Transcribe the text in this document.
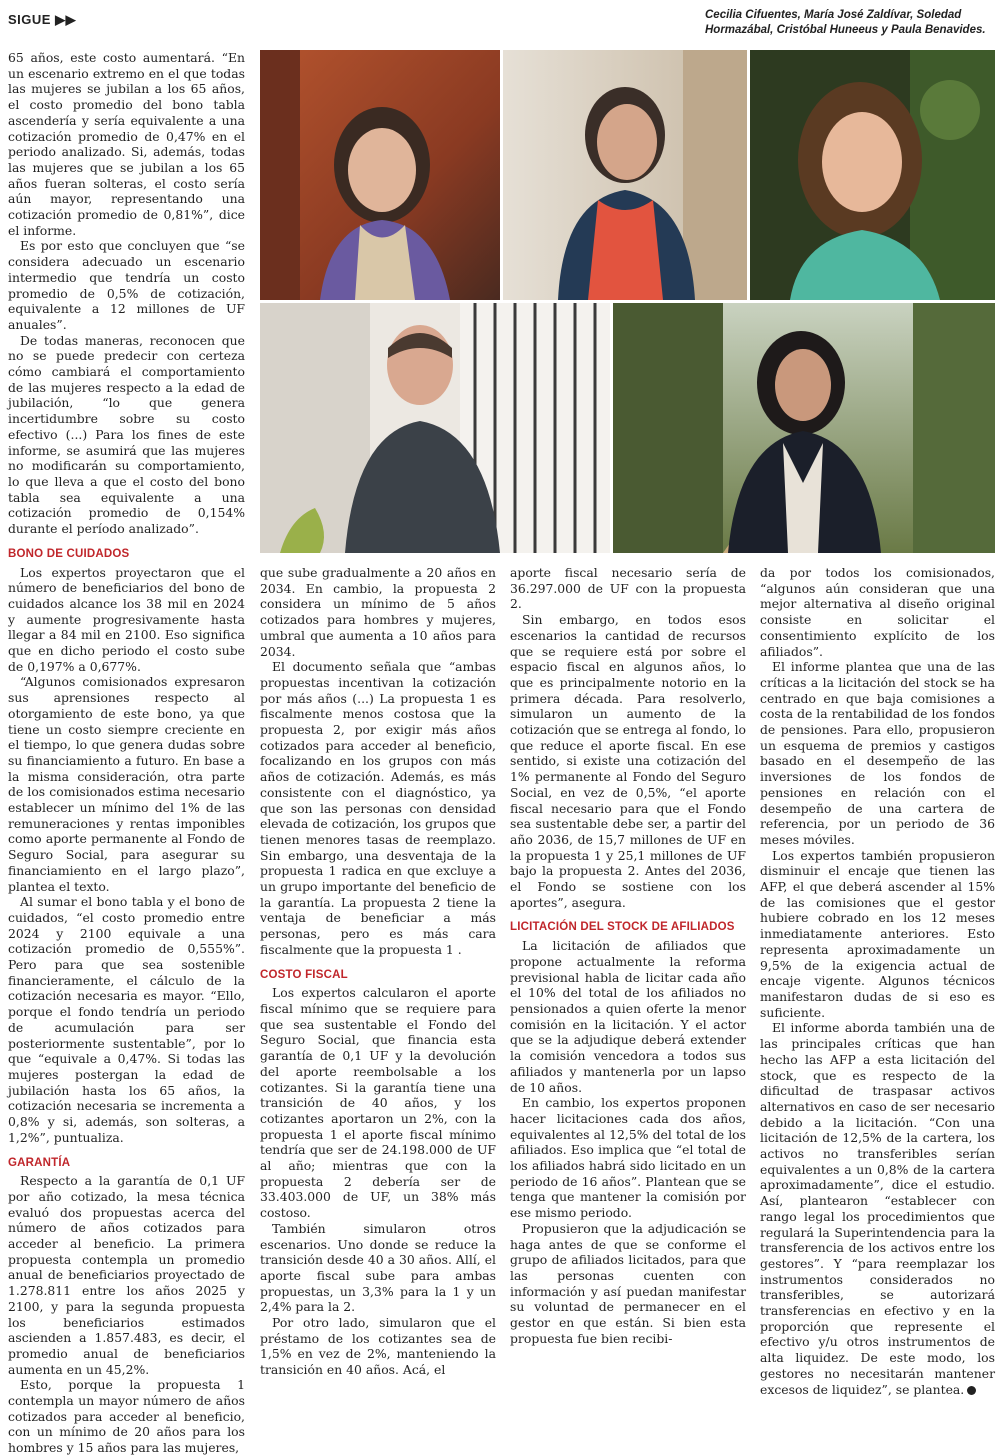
SIGUE ▶▶	Cecilia Cifuentes, María José Zaldívar, Soledad Hormazábal, Cristóbal Huneeus y Paula Benavides.

65 años, este costo aumentará. “En un escenario extremo en el que todas las mujeres se jubilan a los 65 años, el costo promedio del bono tabla ascendería y sería equivalente a una cotización promedio de 0,47% en el periodo analizado. Si, además, todas las mujeres que se jubilan a los 65 años fueran solteras, el costo sería aún mayor, representando una cotización promedio de 0,81%”, dice el informe.

Es por esto que concluyen que “se considera adecuado un escenario intermedio que tendría un costo promedio de 0,5% de cotización, equivalente a 12 millones de UF anuales”.

De todas maneras, reconocen que no se puede predecir con certeza cómo cambiará el comportamiento de las mujeres respecto a la edad de jubilación, “lo que genera incertidumbre sobre su costo efectivo (...) Para los fines de este informe, se asumirá que las mujeres no modificarán su comportamiento, lo que lleva a que el costo del bono tabla sea equivalente a una cotización promedio de 0,154% durante el período analizado”.

BONO DE CUIDADOS

Los expertos proyectaron que el número de beneficiarios del bono de cuidados alcance los 38 mil en 2024 y aumente progresivamente hasta llegar a 84 mil en 2100. Eso significa que en dicho periodo el costo sube de 0,197% a 0,677%.

“Algunos comisionados expresaron sus aprensiones respecto al otorgamiento de este bono, ya que tiene un costo siempre creciente en el tiempo, lo que genera dudas sobre su financiamiento a futuro. En base a la misma consideración, otra parte de los comisionados estima necesario establecer un mínimo del 1% de las remuneraciones y rentas imponibles como aporte permanente al Fondo de Seguro Social, para asegurar su financiamiento en el largo plazo”, plantea el texto.

Al sumar el bono tabla y el bono de cuidados, “el costo promedio entre 2024 y 2100 equivale a una cotización promedio de 0,555%”. Pero para que sea sostenible financieramente, el cálculo de la cotización necesaria es mayor. “Ello, porque el fondo tendría un periodo de acumulación para ser posteriormente sustentable”, por lo que “equivale a 0,47%. Si todas las mujeres postergan la edad de jubilación hasta los 65 años, la cotización necesaria se incrementa a 0,8% y si, además, son solteras, a 1,2%”, puntualiza.

GARANTÍA

Respecto a la garantía de 0,1 UF por año cotizado, la mesa técnica evaluó dos propuestas acerca del número de años cotizados para acceder al beneficio. La primera propuesta contempla un promedio anual de beneficiarios proyectado de 1.278.811 entre los años 2025 y 2100, y para la segunda propuesta los beneficiarios estimados ascienden a 1.857.483, es decir, el promedio anual de beneficiarios aumenta en un 45,2%.

Esto, porque la propuesta 1 contempla un mayor número de años cotizados para acceder al beneficio, con un mínimo de 20 años para los hombres y 15 años para las mujeres,

que sube gradualmente a 20 años en 2034. En cambio, la propuesta 2 considera un mínimo de 5 años cotizados para hombres y mujeres, umbral que aumenta a 10 años para 2034.

El documento señala que “ambas propuestas incentivan la cotización por más años (...) La propuesta 1 es fiscalmente menos costosa que la propuesta 2, por exigir más años cotizados para acceder al beneficio, focalizando en los grupos con más años de cotización. Además, es más consistente con el diagnóstico, ya que son las personas con densidad elevada de cotización, los grupos que tienen menores tasas de reemplazo. Sin embargo, una desventaja de la propuesta 1 radica en que excluye a un grupo importante del beneficio de la garantía. La propuesta 2 tiene la ventaja de beneficiar a más personas, pero es más cara fiscalmente que la propuesta 1 .

COSTO FISCAL

Los expertos calcularon el aporte fiscal mínimo que se requiere para que sea sustentable el Fondo del Seguro Social, que financia esta garantía de 0,1 UF y la devolución del aporte reembolsable a los cotizantes. Si la garantía tiene una transición de 40 años, y los cotizantes aportaron un 2%, con la propuesta 1 el aporte fiscal mínimo tendría que ser de 24.198.000 de UF al año; mientras que con la propuesta 2 debería ser de 33.403.000 de UF, un 38% más costoso.

También simularon otros escenarios. Uno donde se reduce la transición desde 40 a 30 años. Allí, el aporte fiscal sube para ambas propuestas, un 3,3% para la 1 y un 2,4% para la 2.

Por otro lado, simularon que el préstamo de los cotizantes sea de 1,5% en vez de 2%, manteniendo la transición en 40 años. Acá, el

aporte fiscal necesario sería de 36.297.000 de UF con la propuesta 2.

Sin embargo, en todos esos escenarios la cantidad de recursos que se requiere está por sobre el espacio fiscal en algunos años, lo que es principalmente notorio en la primera década. Para resolverlo, simularon un aumento de la cotización que se entrega al fondo, lo que reduce el aporte fiscal. En ese sentido, si existe una cotización del 1% permanente al Fondo del Seguro Social, en vez de 0,5%, “el aporte fiscal necesario para que el Fondo sea sustentable debe ser, a partir del año 2036, de 15,7 millones de UF en la propuesta 1 y 25,1 millones de UF bajo la propuesta 2. Antes del 2036, el Fondo se sostiene con los aportes”, asegura.

LICITACIÓN DEL STOCK DE AFILIADOS

La licitación de afiliados que propone actualmente la reforma previsional habla de licitar cada año el 10% del total de los afiliados no pensionados a quien oferte la menor comisión en la licitación. Y el actor que se la adjudique deberá extender la comisión vencedora a todos sus afiliados y mantenerla por un lapso de 10 años.

En cambio, los expertos proponen hacer licitaciones cada dos años, equivalentes al 12,5% del total de los afiliados. Eso implica que “el total de los afiliados habrá sido licitado en un periodo de 16 años”. Plantean que se tenga que mantener la comisión por ese mismo periodo.

Propusieron que la adjudicación se haga antes de que se conforme el grupo de afiliados licitados, para que las personas cuenten con información y así puedan manifestar su voluntad de permanecer en el gestor en que están. Si bien esta propuesta fue bien recibi-

da por todos los comisionados, “algunos aún consideran que una mejor alternativa al diseño original consiste en solicitar el consentimiento explícito de los afiliados”.

El informe plantea que una de las críticas a la licitación del stock se ha centrado en que baja comisiones a costa de la rentabilidad de los fondos de pensiones. Para ello, propusieron un esquema de premios y castigos basado en el desempeño de las inversiones de los fondos de pensiones en relación con el desempeño de una cartera de referencia, por un periodo de 36 meses móviles.

Los expertos también propusieron disminuir el encaje que tienen las AFP, el que deberá ascender al 15% de las comisiones que el gestor hubiere cobrado en los 12 meses inmediatamente anteriores. Esto representa aproximadamente un 9,5% de la exigencia actual de encaje vigente. Algunos técnicos manifestaron dudas de si eso es suficiente.

El informe aborda también una de las principales críticas que han hecho las AFP a esta licitación del stock, que es respecto de la dificultad de traspasar activos alternativos en caso de ser necesario debido a la licitación. “Con una licitación de 12,5% de la cartera, los activos no transferibles serían equivalentes a un 0,8% de la cartera aproximadamente”, dice el estudio. Así, plantearon “establecer con rango legal los procedimientos que regulará la Superintendencia para la transferencia de los activos entre los gestores”. Y “para reemplazar los instrumentos considerados no transferibles, se autorizará transferencias en efectivo y en la proporción que represente el efectivo y/u otros instrumentos de alta liquidez. De este modo, los gestores no necesitarán mantener excesos de liquidez”, se plantea.
